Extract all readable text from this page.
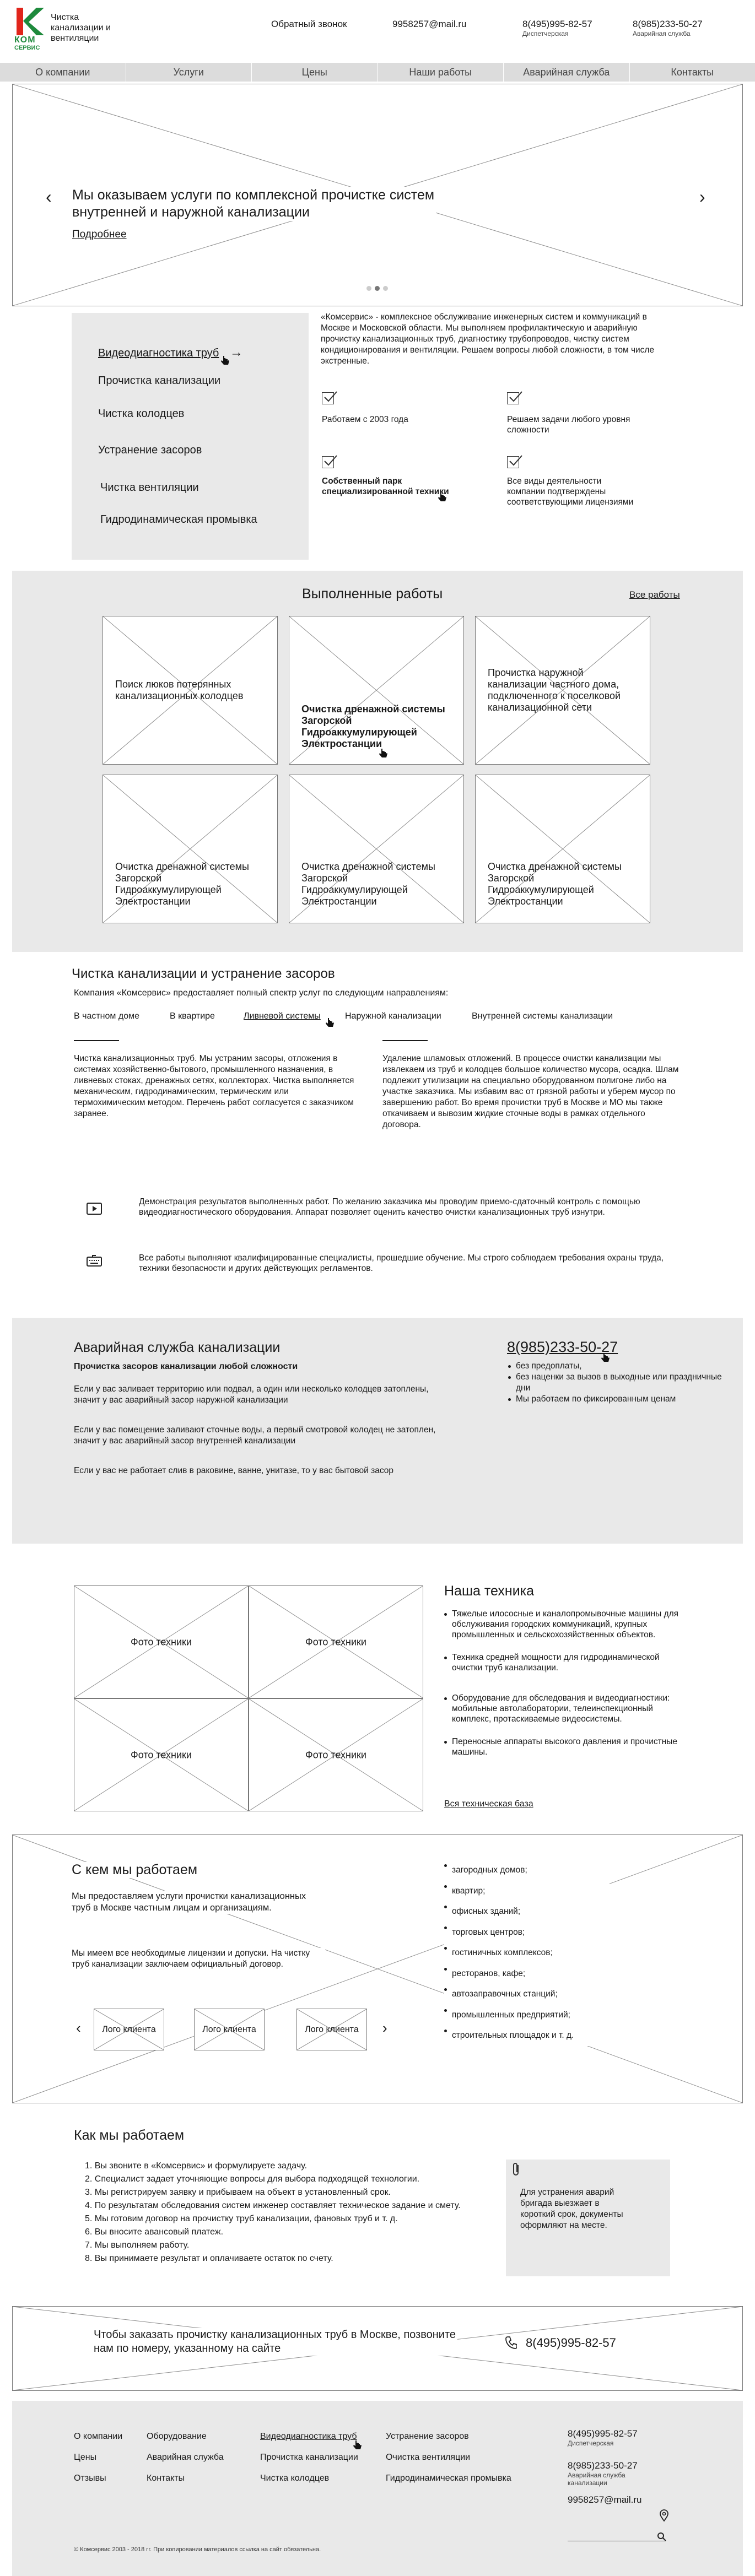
КОМ
СЕРВИС
Чистка канализации и вентиляции
Обратный звонок	9958257@mail.ru	8(495)995-82-57
Диспетчерская
8(985)233-50-27
Аварийная служба
О компании	Услуги	Цены	Наши работы	Аварийная служба	Контакты
Мы оказываем услуги по комплексной прочистке систем внутренней и наружной канализации
Подробнее
‹	›
Видеодиагностика труб →
Прочистка канализации
Чистка колодцев
Устранение засоров
Чистка вентиляции
Гидродинамическая промывка
«Комсервис» - комплексное обслуживание инженерных систем и коммуникаций в Москве и Московской области. Мы выполняем профилактическую и аварийную прочистку канализационных труб, диагностику трубопроводов, чистку систем кондиционирования и вентиляции. Решаем вопросы любой сложности, в том числе экстренные.
Работаем с 2003 года	Решаем задачи любого уровня сложности
Собственный парк специализированной техники
Все виды деятельности компании подтверждены соответствующими лицензиями
Выполненные работы	Все работы
Поиск люков потерянных канализационных колодцев
Очистка дренажной системы Загорской Гидроаккумулирующей Электростанции
Прочистка наружной канализации частного дома, подключенного к поселковой канализационной сети
Очистка дренажной системы Загорской Гидроаккумулирующей Электростанции
Очистка дренажной системы Загорской Гидроаккумулирующей Электростанции
Очистка дренажной системы Загорской Гидроаккумулирующей Электростанции
Чистка канализации и устранение засоров
Компания «Комсервис» предоставляет полный спектр услуг по следующим направлениям:
В частном доме	В квартире	Ливневой системы	Наружной канализации	Внутренней системы канализации
Чистка канализационных труб. Мы устраним засоры, отложения в системах хозяйственно-бытового, промышленного назначения, в ливневых стоках, дренажных сетях, коллекторах. Чистка выполняется механическим, гидродинамическим, термическим или термохимическим методом. Перечень работ согласуется с заказчиком заранее.
Удаление шламовых отложений. В процессе очистки канализации мы извлекаем из труб и колодцев большое количество мусора, осадка. Шлам подлежит утилизации на специально оборудованном полигоне либо на участке заказчика. Мы избавим вас от грязной работы и уберем мусор по завершению работ. Во время прочистки труб в Москве и МО мы также откачиваем и вывозим жидкие сточные воды в рамках отдельного договора.
Демонстрация результатов выполненных работ. По желанию заказчика мы проводим приемо-сдаточный контроль с помощью видеодиагностического оборудования. Аппарат позволяет оценить качество очистки канализационных труб изнутри.
Все работы выполняют квалифицированные специалисты, прошедшие обучение. Мы строго соблюдаем требования охраны труда, техники безопасности и других действующих регламентов.
Аварийная служба канализации
Прочистка засоров канализации любой сложности
Если у вас заливает территорию или подвал, а один или несколько колодцев затоплены, значит у вас аварийный засор наружной канализации
Если у вас помещение заливают сточные воды, а первый смотровой колодец не затоплен, значит у вас аварийный засор внутренней канализации
Если у вас не работает слив в раковине, ванне, унитазе, то у вас бытовой засор
8(985)233-50-27
без предоплаты,
без наценки за вызов в выходные или праздничные дни
Мы работаем по фиксированным ценам
Фото техники	Фото техники
Фото техники	Фото техники
Наша техника
Тяжелые илососные и каналопромывочные машины для обслуживания городских коммуникаций, крупных промышленных и сельскохозяйственных объектов.
Техника средней мощности для гидродинамической очистки труб канализации.
Оборудование для обследования и видеодиагностики: мобильные автолаборатории, телеинспекционный комплекс, протаскиваемые видеосистемы.
Переносные аппараты высокого давления и прочистные машины.
Вся техническая база
С кем мы работаем
Мы предоставляем услуги прочистки канализационных труб в Москве частным лицам и организациям.
Мы имеем все необходимые лицензии и допуски. На чистку труб канализации заключаем официальный договор.
‹	Лого клиента	Лого клиента	Лого клиента	›
загородных домов;
квартир;
офисных зданий;
торговых центров;
гостиничных комплексов;
ресторанов, кафе;
автозаправочных станций;
промышленных предприятий;
строительных площадок и т. д.
Как мы работаем
1. Вы звоните в «Комсервис» и формулируете задачу.
2. Специалист задает уточняющие вопросы для выбора подходящей технологии.
3. Мы регистрируем заявку и прибываем на объект в установленный срок.
4. По результатам обследования систем инженер составляет техническое задание и смету.
5. Мы готовим договор на прочистку труб канализации, фановых труб и т. д.
6. Вы вносите авансовый платеж.
7. Мы выполняем работу.
8. Вы принимаете результат и оплачиваете остаток по счету.
Для устранения аварий бригада выезжает в короткий срок, документы оформляют на месте.
Чтобы заказать прочистку канализационных труб в Москве, позвоните нам по номеру, указанному на сайте	8(495)995-82-57
О компании
Цены
Отзывы
Оборудование
Аварийная служба
Контакты
Видеодиагностика труб
Прочистка канализации
Чистка колодцев
Устранение засоров
Очистка вентиляции
Гидродинамическая промывка
8(495)995-82-57
Диспетчерская
8(985)233-50-27
Аварийная служба канализации
9958257@mail.ru
© Комсервис 2003 - 2018 гг. При копировании материалов ссылка на сайт обязательна.
